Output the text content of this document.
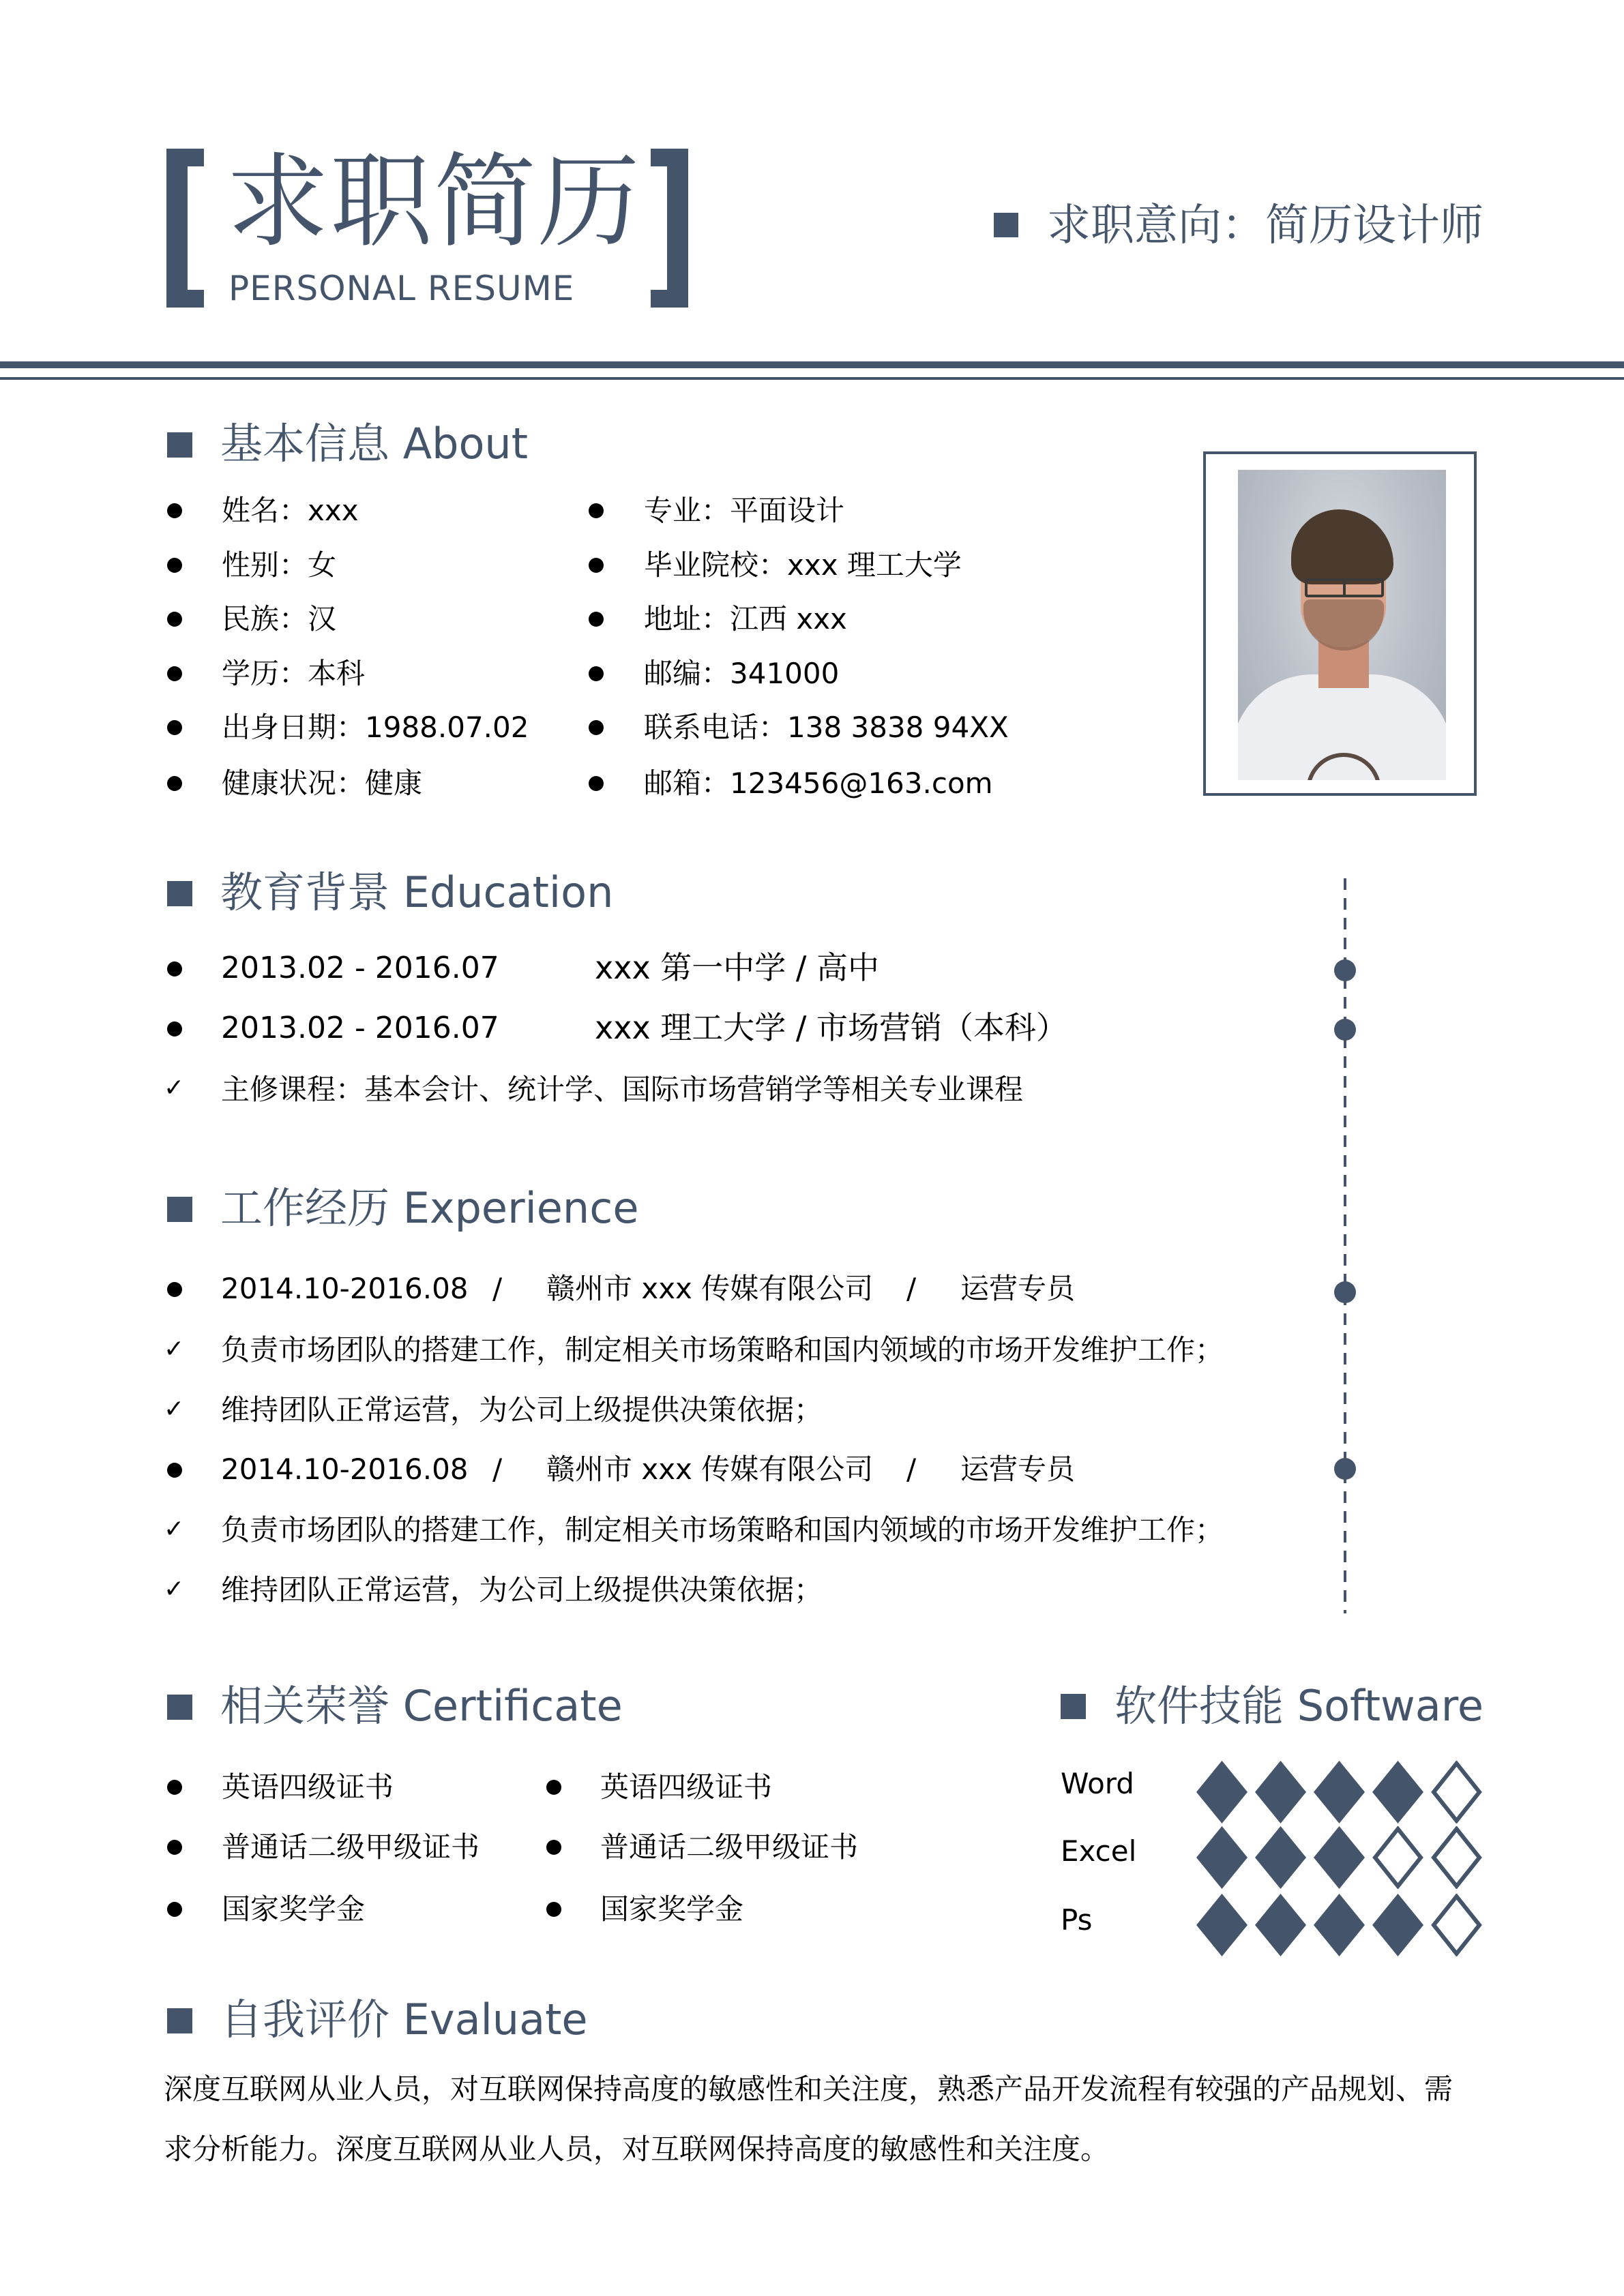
求职简历
PERSONAL RESUME
求职意向：简历设计师
基本信息 About
姓名：xxx
性别：女
民族：汉
学历：本科
出身日期：1988.07.02
健康状况：健康
专业：平面设计
毕业院校：xxx 理工大学
地址：江西 xxx
邮编：341000
联系电话：138 3838 94XX
邮箱：123456@163.com
教育背景 Education
2013.02 - 2016.07	xxx 第一中学 / 高中
2013.02 - 2016.07	xxx 理工大学 / 市场营销（本科）
✓ 主修课程：基本会计、统计学、国际市场营销学等相关专业课程
工作经历 Experience
2014.10-2016.08 / 赣州市 xxx 传媒有限公司 / 运营专员
✓ 负责市场团队的搭建工作，制定相关市场策略和国内领域的市场开发维护工作；
✓ 维持团队正常运营，为公司上级提供决策依据；
2014.10-2016.08 / 赣州市 xxx 传媒有限公司 / 运营专员
✓ 负责市场团队的搭建工作，制定相关市场策略和国内领域的市场开发维护工作；
✓ 维持团队正常运营，为公司上级提供决策依据；
相关荣誉 Certificate
英语四级证书
普通话二级甲级证书
国家奖学金
英语四级证书
普通话二级甲级证书
国家奖学金
软件技能 Software
Word
Excel
Ps
自我评价 Evaluate
深度互联网从业人员，对互联网保持高度的敏感性和关注度，熟悉产品开发流程有较强的产品规划、需
求分析能力。深度互联网从业人员，对互联网保持高度的敏感性和关注度。
